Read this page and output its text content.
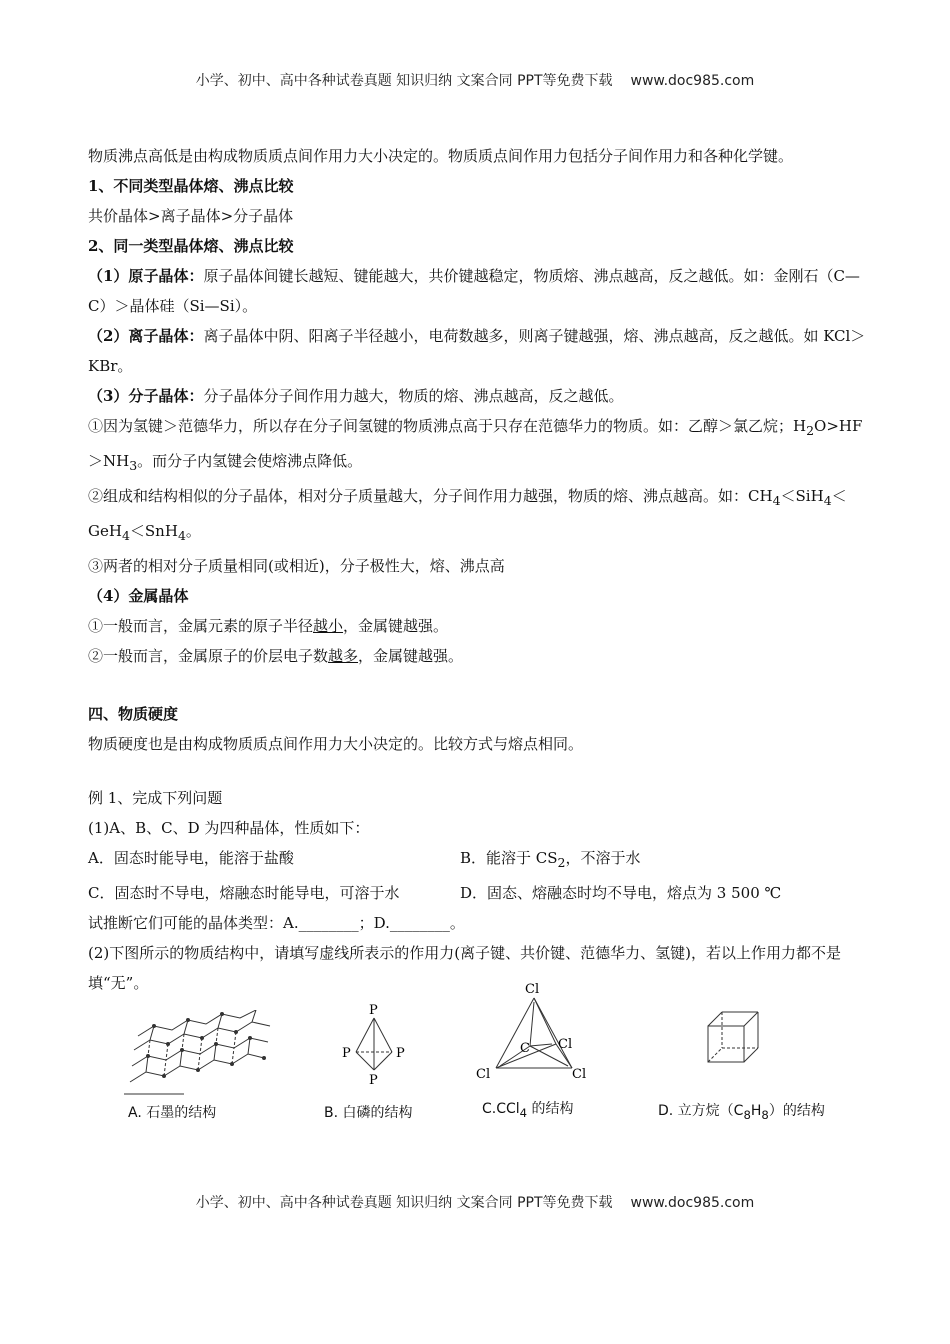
小学、初中、高中各种试卷真题 知识归纳 文案合同 PPT等免费下载 www.doc985.com

物质沸点高低是由构成物质质点间作用力大小决定的。物质质点间作用力包括分子间作用力和各种化学键。

1、不同类型晶体熔、沸点比较

共价晶体>离子晶体>分子晶体

2、同一类型晶体熔、沸点比较

（1）原子晶体：原子晶体间键长越短、键能越大，共价键越稳定，物质熔、沸点越高，反之越低。如：金刚石（C—C）＞晶体硅（Si—Si）。

（2）离子晶体：离子晶体中阴、阳离子半径越小，电荷数越多，则离子键越强，熔、沸点越高，反之越低。如 KCl＞KBr。

（3）分子晶体：分子晶体分子间作用力越大，物质的熔、沸点越高，反之越低。

①因为氢键＞范德华力，所以存在分子间氢键的物质沸点高于只存在范德华力的物质。如：乙醇＞氯乙烷；$H_2O>HF>NH_3$。而分子内氢键会使熔沸点降低。

②组成和结构相似的分子晶体，相对分子质量越大，分子间作用力越强，物质的熔、沸点越高。如：$CH_4<SiH_4<GeH_4<SnH_4$。

③两者的相对分子质量相同(或相近)，分子极性大，熔、沸点高

（4）金属晶体

①一般而言，金属元素的原子半径越小，金属键越强。

②一般而言，金属原子的价层电子数越多，金属键越强。

四、物质硬度

物质硬度也是由构成物质质点间作用力大小决定的。比较方式与熔点相同。

例 1、完成下列问题

(1)A、B、C、D 为四种晶体，性质如下：

A．固态时能导电，能溶于盐酸	B．能溶于 $CS_2$，不溶于水
C．固态时不导电，熔融态时能导电，可溶于水	D．固态、熔融态时均不导电，熔点为 3 500 ℃

试推断它们可能的晶体类型：A.________；D.________。

(2)下图所示的物质结构中，请填写虚线所表示的作用力(离子键、共价键、范德华力、氢键)，若以上作用力都不是填“无”。

A. 石墨的结构
P
P	P
P
B. 白磷的结构
Cl
C Cl
Cl	Cl
C.CCl$_4$ 的结构	D. 立方烷$(C_8H_8)$的结构
小学、初中、高中各种试卷真题 知识归纳 文案合同 PPT等免费下载 www.doc985.com
